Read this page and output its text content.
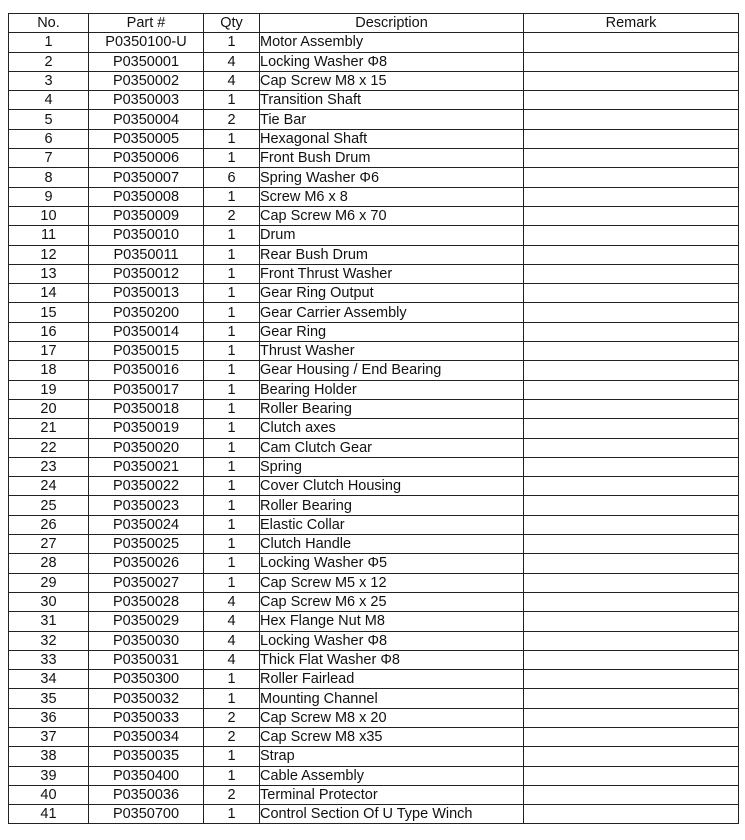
No.	Part #	Qty	Description	Remark
1	P0350100-U	1	Motor Assembly	
2	P0350001	4	Locking Washer Φ8	
3	P0350002	4	Cap Screw M8 x 15	
4	P0350003	1	Transition Shaft	
5	P0350004	2	Tie Bar	
6	P0350005	1	Hexagonal Shaft	
7	P0350006	1	Front Bush Drum	
8	P0350007	6	Spring Washer Φ6	
9	P0350008	1	Screw M6 x 8	
10	P0350009	2	Cap Screw M6 x 70	
11	P0350010	1	Drum	
12	P0350011	1	Rear Bush Drum	
13	P0350012	1	Front Thrust Washer	
14	P0350013	1	Gear Ring Output	
15	P0350200	1	Gear Carrier Assembly	
16	P0350014	1	Gear Ring	
17	P0350015	1	Thrust Washer	
18	P0350016	1	Gear Housing / End Bearing	
19	P0350017	1	Bearing Holder	
20	P0350018	1	Roller Bearing	
21	P0350019	1	Clutch axes	
22	P0350020	1	Cam Clutch Gear	
23	P0350021	1	Spring	
24	P0350022	1	Cover Clutch Housing	
25	P0350023	1	Roller Bearing	
26	P0350024	1	Elastic Collar	
27	P0350025	1	Clutch Handle	
28	P0350026	1	Locking Washer Φ5	
29	P0350027	1	Cap Screw M5 x 12	
30	P0350028	4	Cap Screw M6 x 25	
31	P0350029	4	Hex Flange Nut M8	
32	P0350030	4	Locking Washer Φ8	
33	P0350031	4	Thick Flat Washer Φ8	
34	P0350300	1	Roller Fairlead	
35	P0350032	1	Mounting Channel	
36	P0350033	2	Cap Screw M8 x 20	
37	P0350034	2	Cap Screw M8 x35	
38	P0350035	1	Strap	
39	P0350400	1	Cable Assembly	
40	P0350036	2	Terminal Protector	
41	P0350700	1	Control Section Of U Type Winch	
